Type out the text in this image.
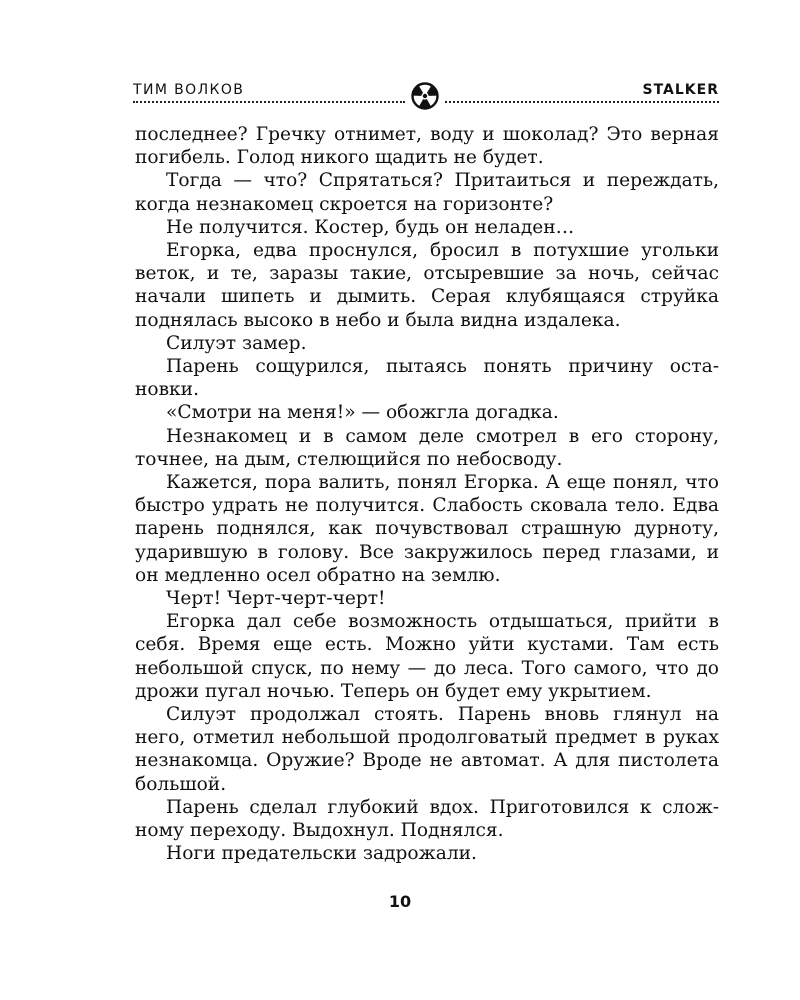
ТИМ ВОЛКОВ	STALKER

последнее? Гречку отнимет, воду и шоколад? Это верная погибель. Голод никого щадить не будет.

Тогда — что? Спрятаться? Притаиться и переждать, когда незнакомец скроется на горизонте?

Не получится. Костер, будь он неладен…

Егорка, едва проснулся, бросил в потухшие угольки веток, и те, заразы такие, отсыревшие за ночь, сейчас начали шипеть и дымить. Серая клубящаяся струйка поднялась высоко в небо и была видна издалека.

Силуэт замер.

Парень сощурился, пытаясь понять причину остановки.

«Смотри на меня!» — обожгла догадка.

Незнакомец и в самом деле смотрел в его сторону, точнее, на дым, стелющийся по небосводу.

Кажется, пора валить, понял Егорка. А еще понял, что быстро удрать не получится. Слабость сковала тело. Едва парень поднялся, как почувствовал страшную дурноту, ударившую в голову. Все закружилось перед глазами, и он медленно осел обратно на землю.

Черт! Черт-черт-черт!

Егорка дал себе возможность отдышаться, прийти в себя. Время еще есть. Можно уйти кустами. Там есть небольшой спуск, по нему — до леса. Того самого, что до дрожи пугал ночью. Теперь он будет ему укрытием.

Силуэт продолжал стоять. Парень вновь глянул на него, отметил небольшой продолговатый предмет в руках незнакомца. Оружие? Вроде не автомат. А для пистолета большой.

Парень сделал глубокий вдох. Приготовился к сложному переходу. Выдохнул. Поднялся.

Ноги предательски задрожали.

10
